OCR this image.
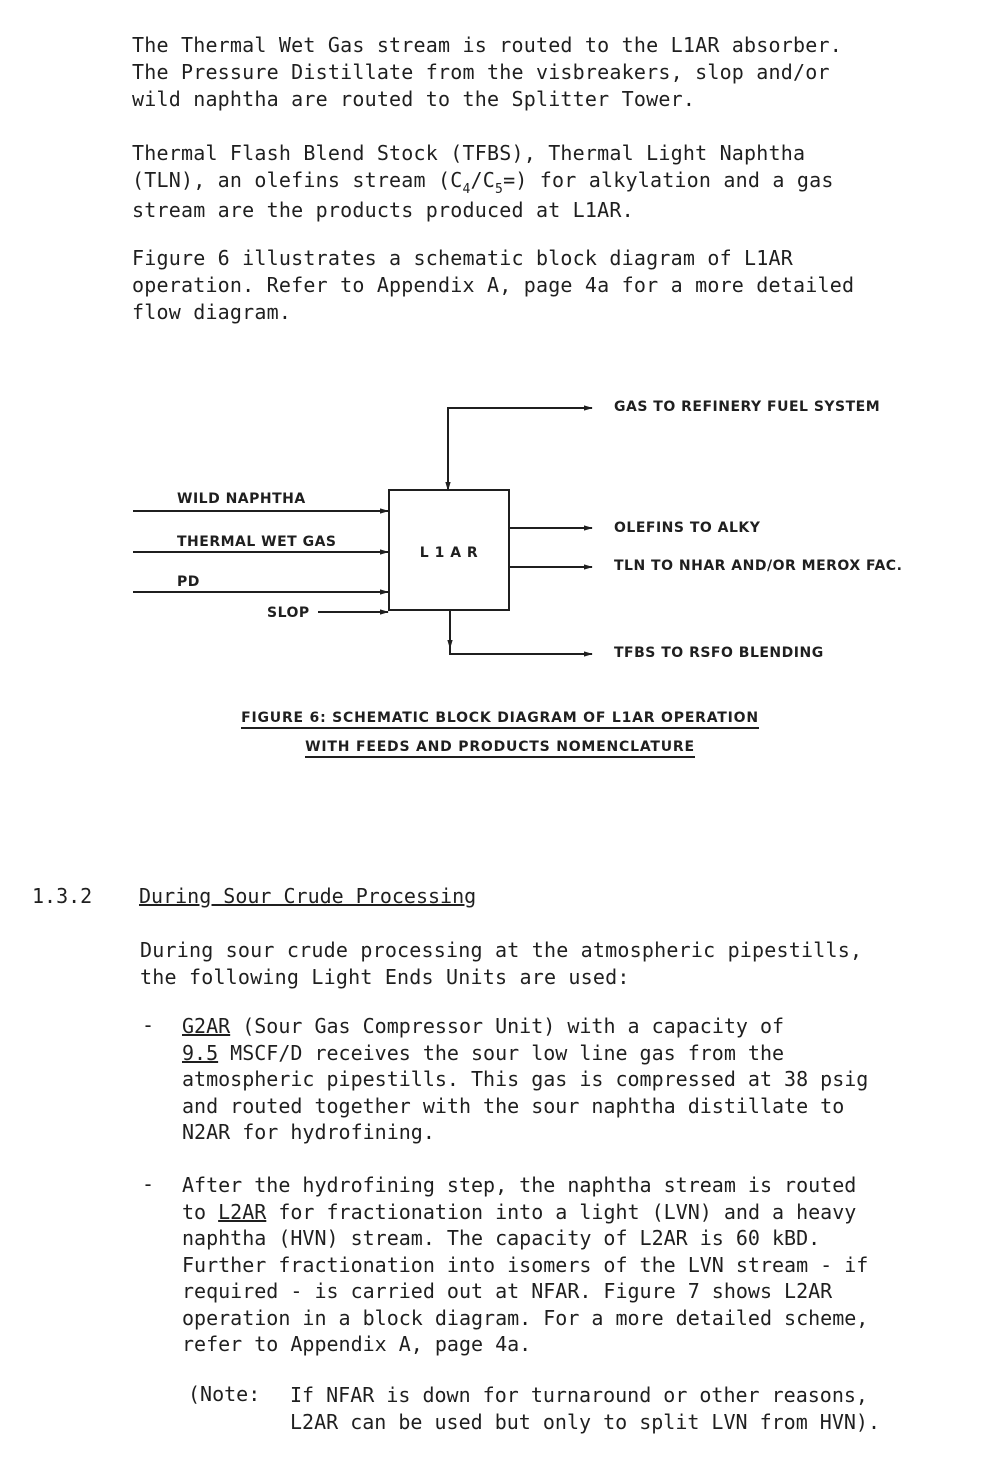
The Thermal Wet Gas stream is routed to the L1AR absorber.
The Pressure Distillate from the visbreakers, slop and/or
wild naphtha are routed to the Splitter Tower.

Thermal Flash Blend Stock (TFBS), Thermal Light Naphtha
(TLN), an olefins stream $(C_4/C_5=)$ for alkylation and a gas
stream are the products produced at L1AR.

Figure 6 illustrates a schematic block diagram of L1AR
operation. Refer to Appendix A, page 4a for a more detailed
flow diagram.

L 1 A R
WILD NAPHTHA
THERMAL WET GAS
PD
SLOP
GAS TO REFINERY FUEL SYSTEM
OLEFINS TO ALKY
TLN TO NHAR AND/OR MEROX FAC.
TFBS TO RSFO BLENDING
FIGURE 6: SCHEMATIC BLOCK DIAGRAM OF L1AR OPERATION
WITH FEEDS AND PRODUCTS NOMENCLATURE
1.3.2 During Sour Crude Processing

During sour crude processing at the atmospheric pipestills,
the following Light Ends Units are used:

- G2AR (Sour Gas Compressor Unit) with a capacity of
9.5 MSCF/D receives the sour low line gas from the
atmospheric pipestills. This gas is compressed at 38 psig
and routed together with the sour naphtha distillate to
N2AR for hydrofining.

- After the hydrofining step, the naphtha stream is routed
to L2AR for fractionation into a light (LVN) and a heavy
naphtha (HVN) stream. The capacity of L2AR is 60 kBD.
Further fractionation into isomers of the LVN stream - if
required - is carried out at NFAR. Figure 7 shows L2AR
operation in a block diagram. For a more detailed scheme,
refer to Appendix A, page 4a.

(Note: If NFAR is down for turnaround or other reasons,
L2AR can be used but only to split LVN from HVN).
